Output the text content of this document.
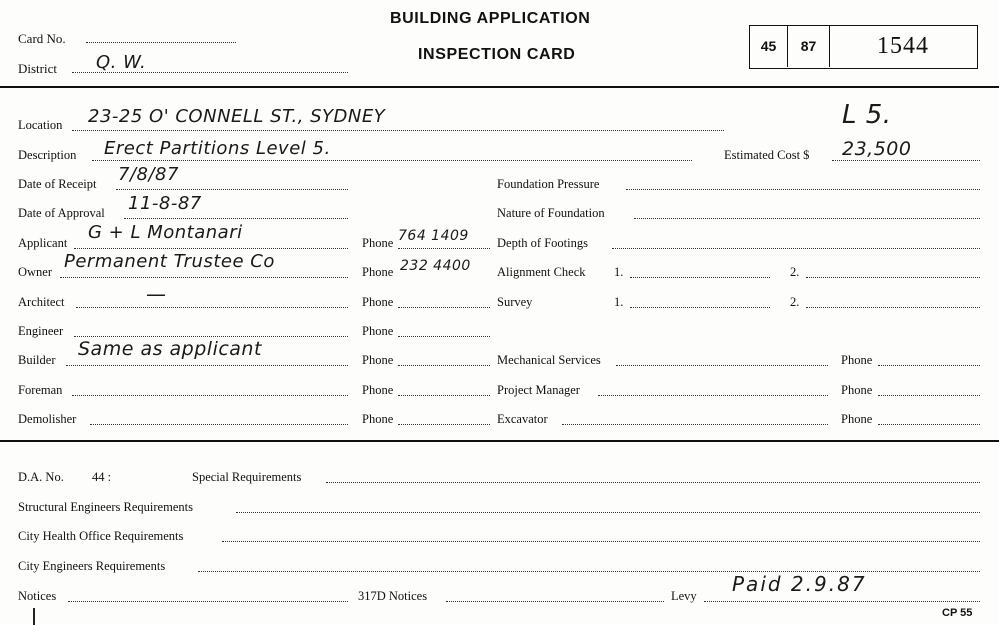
Card No.
District Q. W.
BUILDING APPLICATION
INSPECTION CARD	45	87	1544
Location 23-25 O' CONNELL ST., SYDNEY	L 5.
Description Erect Partitions Level 5.	Estimated Cost $ 23,500
Date of Receipt 7/8/87	Foundation Pressure
Date of Approval 11-8-87	Nature of Foundation
Applicant G + L Montanari	Phone 764 1409 Depth of Footings
Owner Permanent Trustee Co	Phone 232 4400 Alignment Check 1.	2.
Architect	—	Phone	Survey	1.	2.
Engineer	Phone
Builder Same as applicant	Phone	Mechanical Services	Phone
Foreman	Phone	Project Manager	Phone
Demolisher	Phone	Excavator	Phone
D.A. No. 44 :	Special Requirements
Structural Engineers Requirements
City Health Office Requirements
City Engineers Requirements
Notices	317D Notices	Levy Paid 2.9.87
CP 55
